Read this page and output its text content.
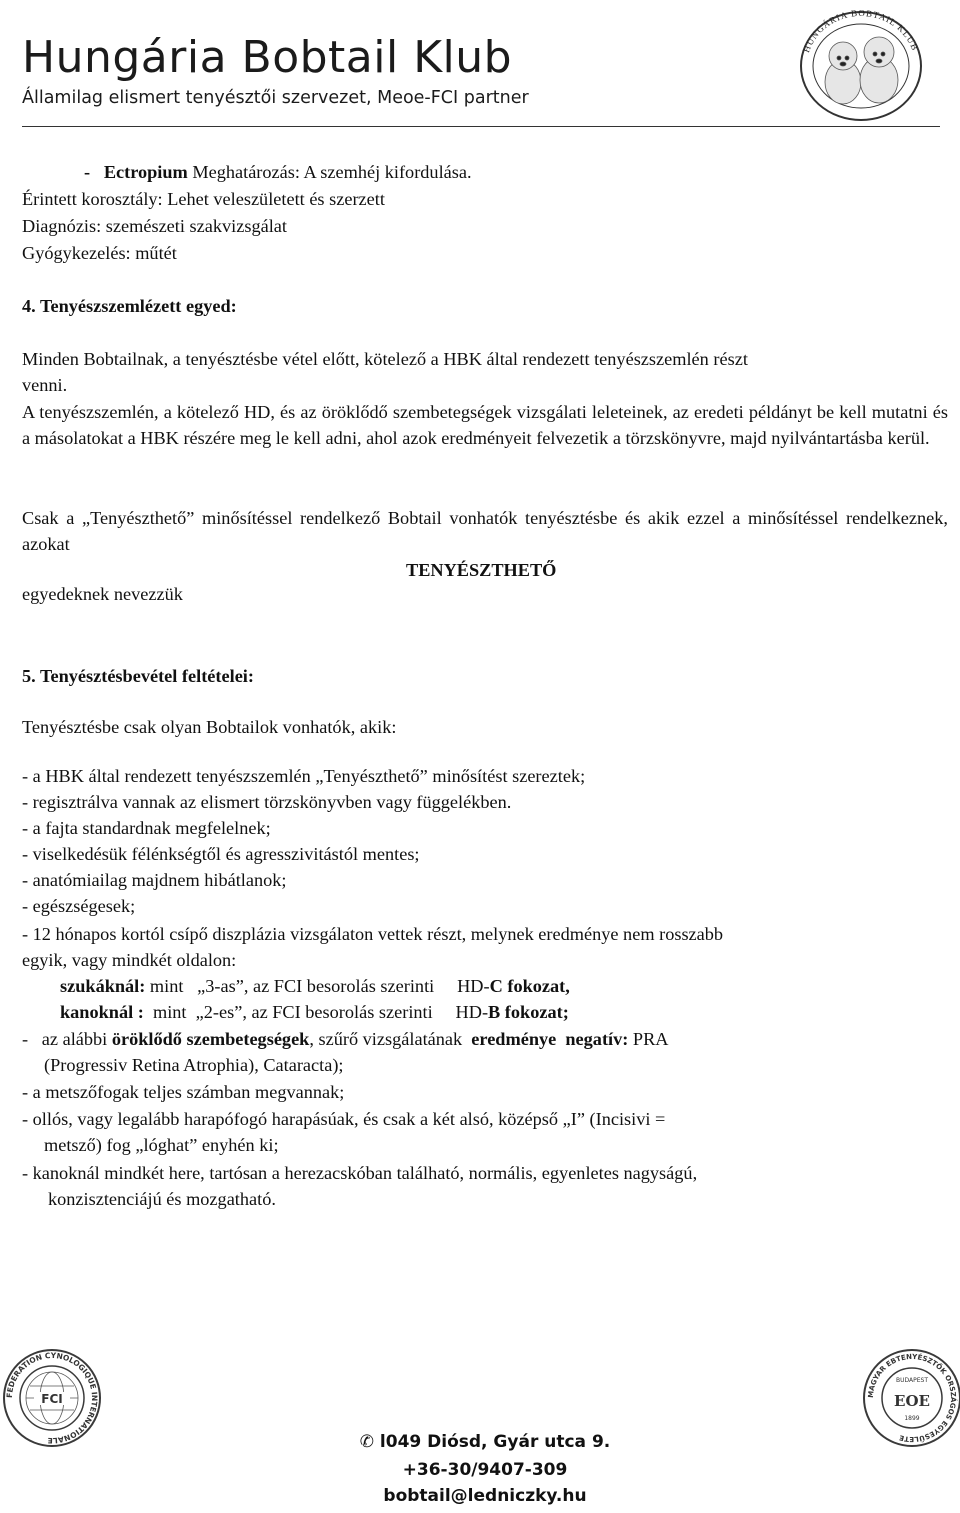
Hungária Bobtail Klub
Államilag elismert tenyésztői szervezet, Meoe-FCI partner
HUNGÁRIA BOBTAIL KLUB
- Ectropium Meghatározás: A szemhéj kifordulása.
Érintett korosztály: Lehet veleszületett és szerzett
Diagnózis: szemészeti szakvizsgálat
Gyógykezelés: műtét
4. Tenyészszemlézett egyed:
Minden Bobtailnak, a tenyésztésbe vétel előtt, kötelező a HBK által rendezett tenyészszemlén részt
venni.
A tenyészszemlén, a kötelező HD, és az öröklődő szembetegségek vizsgálati leleteinek, az eredeti példányt be kell mutatni és a másolatokat a HBK részére meg le kell adni, ahol azok eredményeit felvezetik a törzskönyvre, majd nyilvántartásba kerül.
Csak a „Tenyészthető” minősítéssel rendelkező Bobtail vonhatók tenyésztésbe és akik ezzel a minősítéssel rendelkeznek, azokat
TENYÉSZTHETŐ
egyedeknek nevezzük
5. Tenyésztésbevétel feltételei:
Tenyésztésbe csak olyan Bobtailok vonhatók, akik:
- a HBK által rendezett tenyészszemlén „Tenyészthető” minősítést szereztek;
- regisztrálva vannak az elismert törzskönyvben vagy függelékben.
- a fajta standardnak megfelelnek;
- viselkedésük félénkségtől és agresszivitástól mentes;
- anatómiailag majdnem hibátlanok;
- egészségesek;
- 12 hónapos kortól csípő diszplázia vizsgálaton vettek részt, melynek eredménye nem rosszabb
egyik, vagy mindkét oldalon:
szukáknál: mint   „3-as”, az FCI besorolás szerinti     HD-C fokozat,
kanoknál :  mint  „2-es”, az FCI besorolás szerinti     HD-B fokozat;
-   az alábbi öröklődő szembetegségek, szűrő vizsgálatának  eredménye  negatív: PRA
(Progressiv Retina Atrophia), Cataracta);
- a metszőfogak teljes számban megvannak;
- ollós, vagy legalább harapófogó harapásúak, és csak a két alsó, középső „I” (Incisivi =
metsző) fog „lóghat” enyhén ki;
- kanoknál mindkét here, tartósan a herezacskóban található, normális, egyenletes nagyságú,
konzisztenciájú és mozgatható.
FEDERATION CYNOLOGIQUE INTERNATIONALE
FCI	MAGYAR EBTENYÉSZTŐK ORSZÁGOS EGYESÜLETE
BUDAPEST
EOE
1899
✆ l049 Diósd, Gyár utca 9.
+36-30/9407-309
bobtail@ledniczky.hu
